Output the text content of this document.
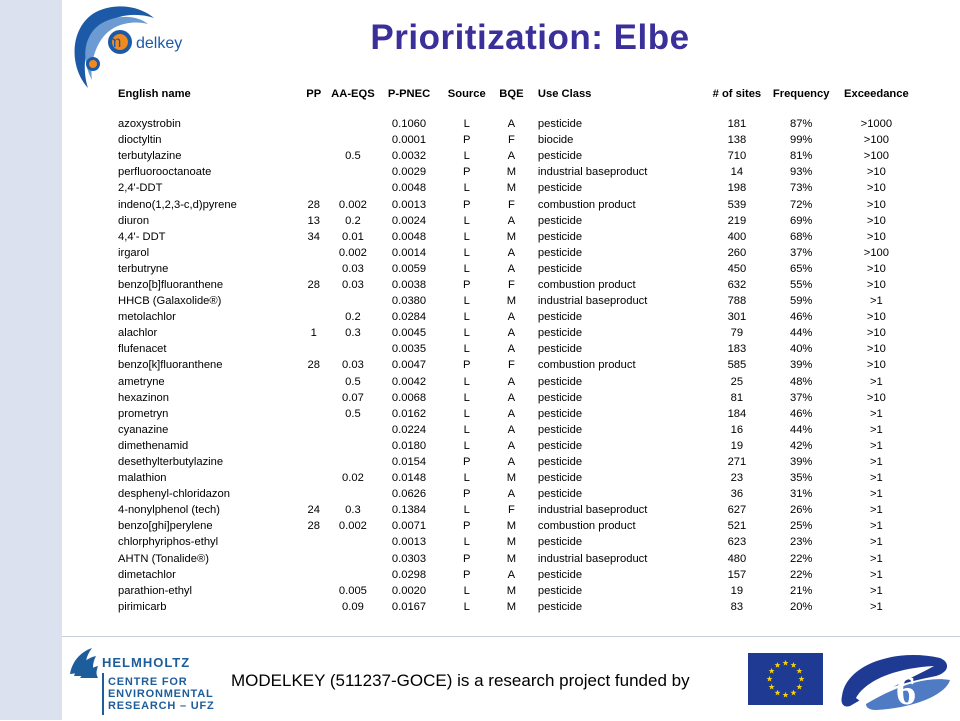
m delkey	Prioritization: Elbe
English name	PP	AA-EQS	P-PNEC	Source	BQE	Use Class	# of sites	Frequency	Exceedance

azoxystrobin			0.1060	L	A	pesticide	181	87%	>1000
dioctyltin			0.0001	P	F	biocide	138	99%	>100
terbutylazine		0.5	0.0032	L	A	pesticide	710	81%	>100
perfluorooctanoate			0.0029	P	M	industrial baseproduct	14	93%	>10
2,4'-DDT			0.0048	L	M	pesticide	198	73%	>10
indeno(1,2,3-c,d)pyrene	28	0.002	0.0013	P	F	combustion product	539	72%	>10
diuron	13	0.2	0.0024	L	A	pesticide	219	69%	>10
4,4'- DDT	34	0.01	0.0048	L	M	pesticide	400	68%	>10
irgarol		0.002	0.0014	L	A	pesticide	260	37%	>100
terbutryne		0.03	0.0059	L	A	pesticide	450	65%	>10
benzo[b]fluoranthene	28	0.03	0.0038	P	F	combustion product	632	55%	>10
HHCB (Galaxolide®)			0.0380	L	M	industrial baseproduct	788	59%	>1
metolachlor		0.2	0.0284	L	A	pesticide	301	46%	>10
alachlor	1	0.3	0.0045	L	A	pesticide	79	44%	>10
flufenacet			0.0035	L	A	pesticide	183	40%	>10
benzo[k]fluoranthene	28	0.03	0.0047	P	F	combustion product	585	39%	>10
ametryne		0.5	0.0042	L	A	pesticide	25	48%	>1
hexazinon		0.07	0.0068	L	A	pesticide	81	37%	>10
prometryn		0.5	0.0162	L	A	pesticide	184	46%	>1
cyanazine			0.0224	L	A	pesticide	16	44%	>1
dimethenamid			0.0180	L	A	pesticide	19	42%	>1
desethylterbutylazine			0.0154	P	A	pesticide	271	39%	>1
malathion		0.02	0.0148	L	M	pesticide	23	35%	>1
desphenyl-chloridazon			0.0626	P	A	pesticide	36	31%	>1
4-nonylphenol (tech)	24	0.3	0.1384	L	F	industrial baseproduct	627	26%	>1
benzo[ghi]perylene	28	0.002	0.0071	P	M	combustion product	521	25%	>1
chlorphyriphos-ethyl			0.0013	L	M	pesticide	623	23%	>1
AHTN (Tonalide®)			0.0303	P	M	industrial baseproduct	480	22%	>1
dimetachlor			0.0298	P	A	pesticide	157	22%	>1
parathion-ethyl		0.005	0.0020	L	M	pesticide	19	21%	>1
pirimicarb		0.09	0.0167	L	M	pesticide	83	20%	>1
HELMHOLTZ
CENTRE FOR
ENVIRONMENTAL
RESEARCH – UFZ
MODELKEY (511237-GOCE) is a research project funded by	6
